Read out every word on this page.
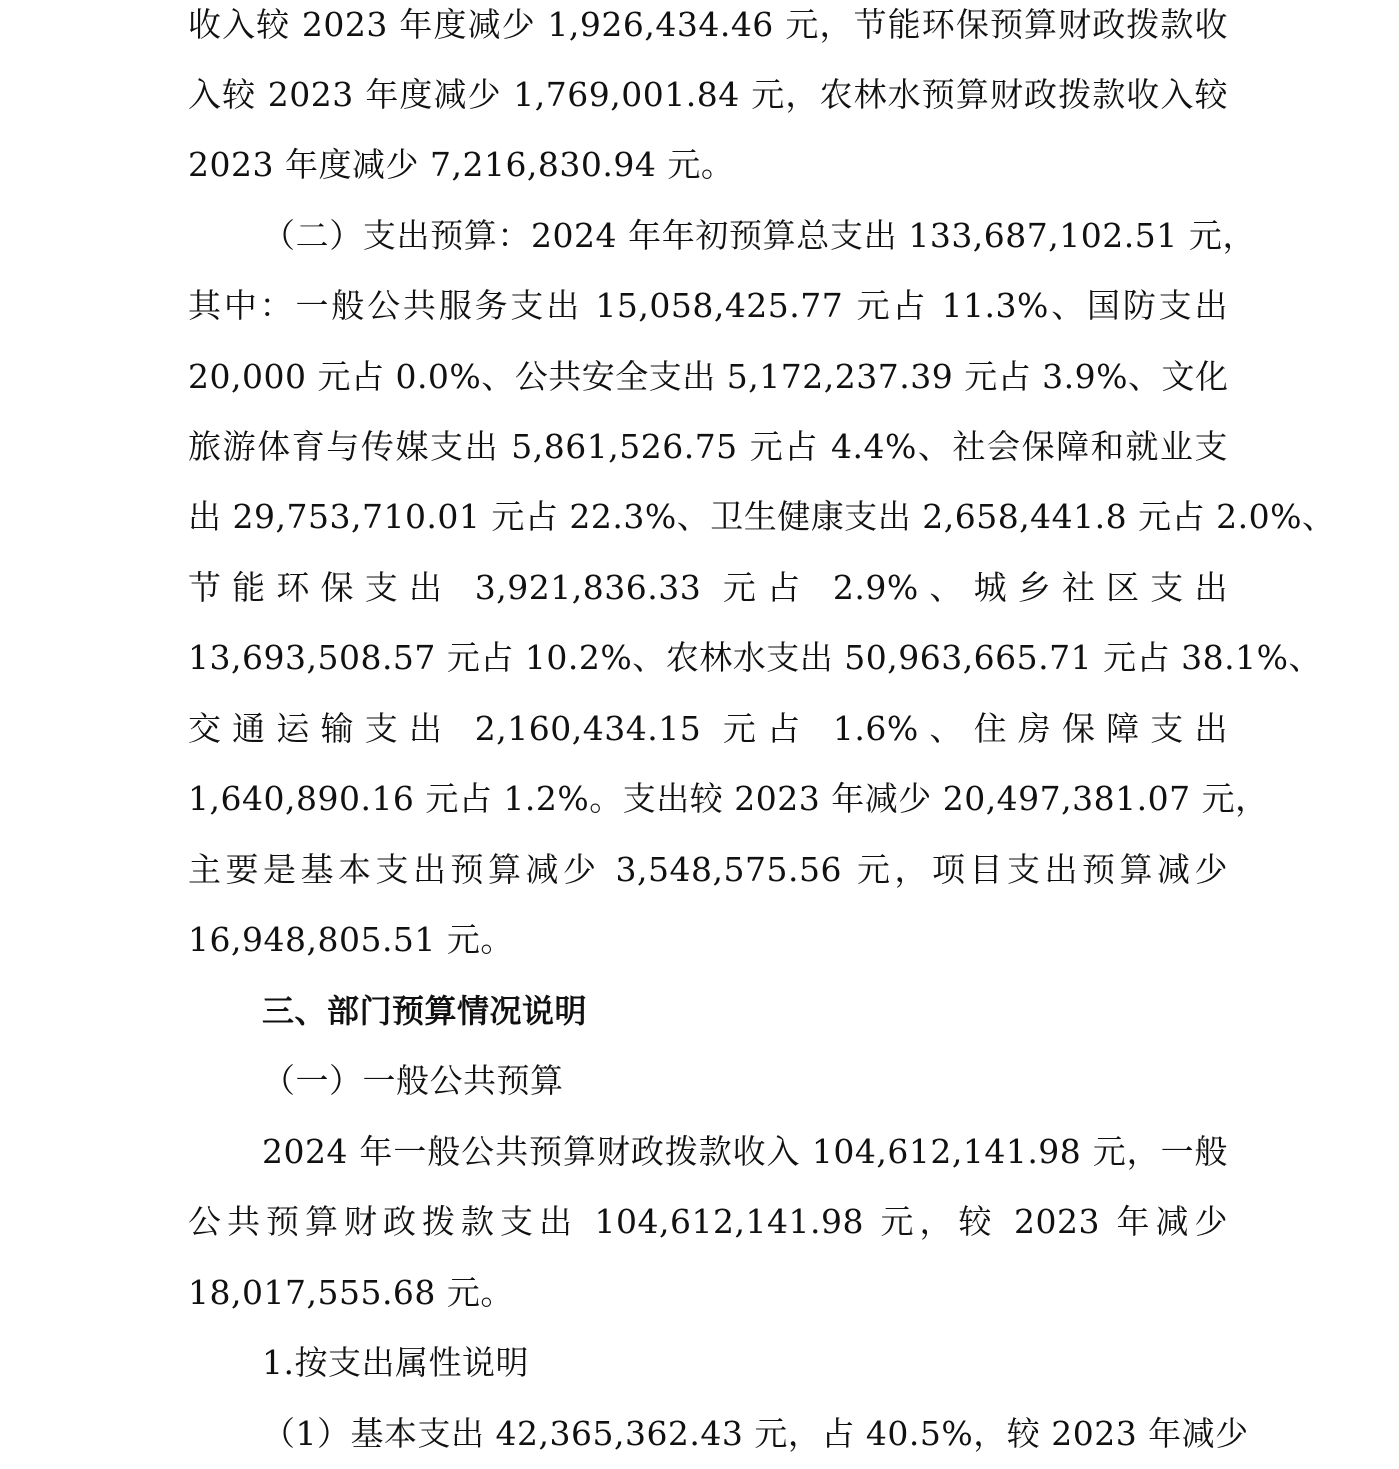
收入较 2023 年度减少 1,926,434.46 元，节能环保预算财政拨款收
入较 2023 年度减少 1,769,001.84 元，农林水预算财政拨款收入较
2023 年度减少 7,216,830.94 元。
（二）支出预算：2024 年年初预算总支出 133,687,102.51 元，
其中：一般公共服务支出 15,058,425.77 元占 11.3%、国防支出
20,000 元占 0.0%、公共安全支出 5,172,237.39 元占 3.9%、文化
旅游体育与传媒支出 5,861,526.75 元占 4.4%、社会保障和就业支
出 29,753,710.01 元占 22.3%、卫生健康支出 2,658,441.8 元占 2.0%、
节能环保支出 3,921,836.33 元占 2.9%、城乡社区支出
13,693,508.57 元占 10.2%、农林水支出 50,963,665.71 元占 38.1%、
交通运输支出 2,160,434.15 元占 1.6%、住房保障支出
1,640,890.16 元占 1.2%。支出较 2023 年减少 20,497,381.07 元，
主要是基本支出预算减少 3,548,575.56 元，项目支出预算减少
16,948,805.51 元。
三、部门预算情况说明
（一）一般公共预算
2024 年一般公共预算财政拨款收入 104,612,141.98 元，一般
公共预算财政拨款支出 104,612,141.98 元，较 2023 年减少
18,017,555.68 元。
1.按支出属性说明
（1）基本支出 42,365,362.43 元，占 40.5%，较 2023 年减少
